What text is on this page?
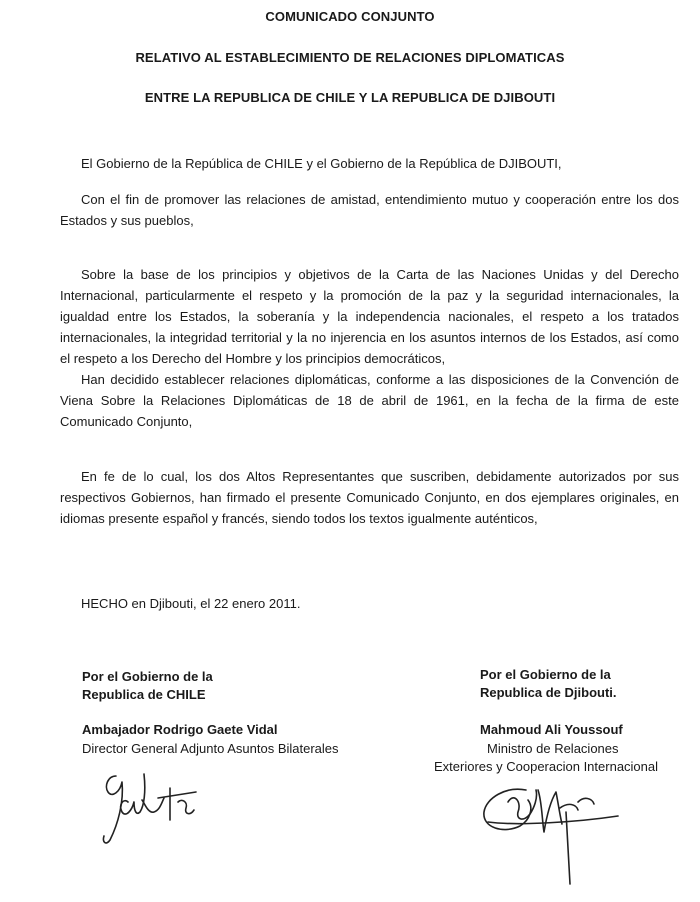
COMUNICADO CONJUNTO
RELATIVO AL ESTABLECIMIENTO DE RELACIONES DIPLOMATICAS
ENTRE LA REPUBLICA DE CHILE Y LA REPUBLICA DE DJIBOUTI

El Gobierno de la República de CHILE y el Gobierno de la República de DJIBOUTI,

Con el fin de promover las relaciones de amistad, entendimiento mutuo y cooperación entre los dos Estados y sus pueblos,

Sobre la base de los principios y objetivos de la Carta de las Naciones Unidas y del Derecho Internacional, particularmente el respeto y la promoción de la paz y la seguridad internacionales, la igualdad entre los Estados, la soberanía y la independencia nacionales, el respeto a los tratados internacionales, la integridad territorial y la no injerencia en los asuntos internos de los Estados, así como el respeto a los Derecho del Hombre y los principios democráticos,

Han decidido establecer relaciones diplomáticas, conforme a las disposiciones de la Convención de Viena Sobre la Relaciones Diplomáticas de 18 de abril de 1961, en la fecha de la firma de este Comunicado Conjunto,

En fe de lo cual, los dos Altos Representantes que suscriben, debidamente autorizados por sus respectivos Gobiernos, han firmado el presente Comunicado Conjunto, en dos ejemplares originales, en idiomas presente español y francés, siendo todos los textos igualmente auténticos,

HECHO en Djibouti, el 22 enero 2011.
Por el Gobierno de la
Republica de CHILE
Ambajador Rodrigo Gaete Vidal
Director General Adjunto Asuntos Bilaterales
Por el Gobierno de la
Republica de Djibouti.
Mahmoud Ali Youssouf
Ministro de Relaciones
Exteriores y Cooperacion Internacional
